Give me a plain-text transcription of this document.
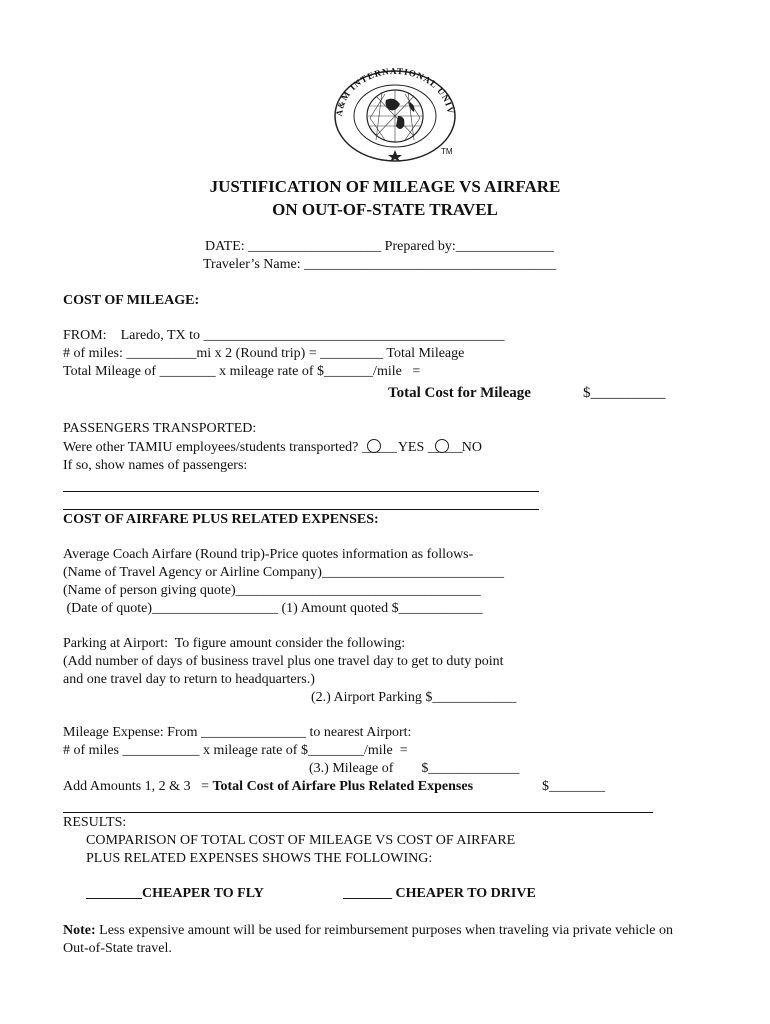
A&M INTERNATIONAL UNIV
TM
JUSTIFICATION OF MILEAGE VS AIRFARE
ON OUT-OF-STATE TRAVEL
DATE: ___________________ Prepared by:______________
Traveler’s Name: ____________________________________
COST OF MILEAGE:
FROM:    Laredo, TX to ___________________________________________
# of miles: __________mi x 2 (Round trip) = _________ Total Mileage
Total Mileage of ________ x mileage rate of $_______/mile   =
Total Cost for Mileage	$__________
PASSENGERS TRANSPORTED:
Were other TAMIU employees/students transported? _____YES _____NO
If so, show names of passengers:
COST OF AIRFARE PLUS RELATED EXPENSES:
Average Coach Airfare (Round trip)-Price quotes information as follows-
(Name of Travel Agency or Airline Company)__________________________
(Name of person giving quote)___________________________________
(Date of quote)__________________ (1) Amount quoted $____________
Parking at Airport:  To figure amount consider the following:
(Add number of days of business travel plus one travel day to get to duty point
and one travel day to return to headquarters.)
(2.) Airport Parking $____________
Mileage Expense: From _______________ to nearest Airport:
# of miles ___________ x mileage rate of $________/mile  =
(3.) Mileage of        $_____________
Add Amounts 1, 2 & 3   = Total Cost of Airfare Plus Related Expenses	$________
RESULTS:
COMPARISON OF TOTAL COST OF MILEAGE VS COST OF AIRFARE
PLUS RELATED EXPENSES SHOWS THE FOLLOWING:
________CHEAPER TO FLY	_______ CHEAPER TO DRIVE
Note: Less expensive amount will be used for reimbursement purposes when traveling via private vehicle on
Out-of-State travel.
